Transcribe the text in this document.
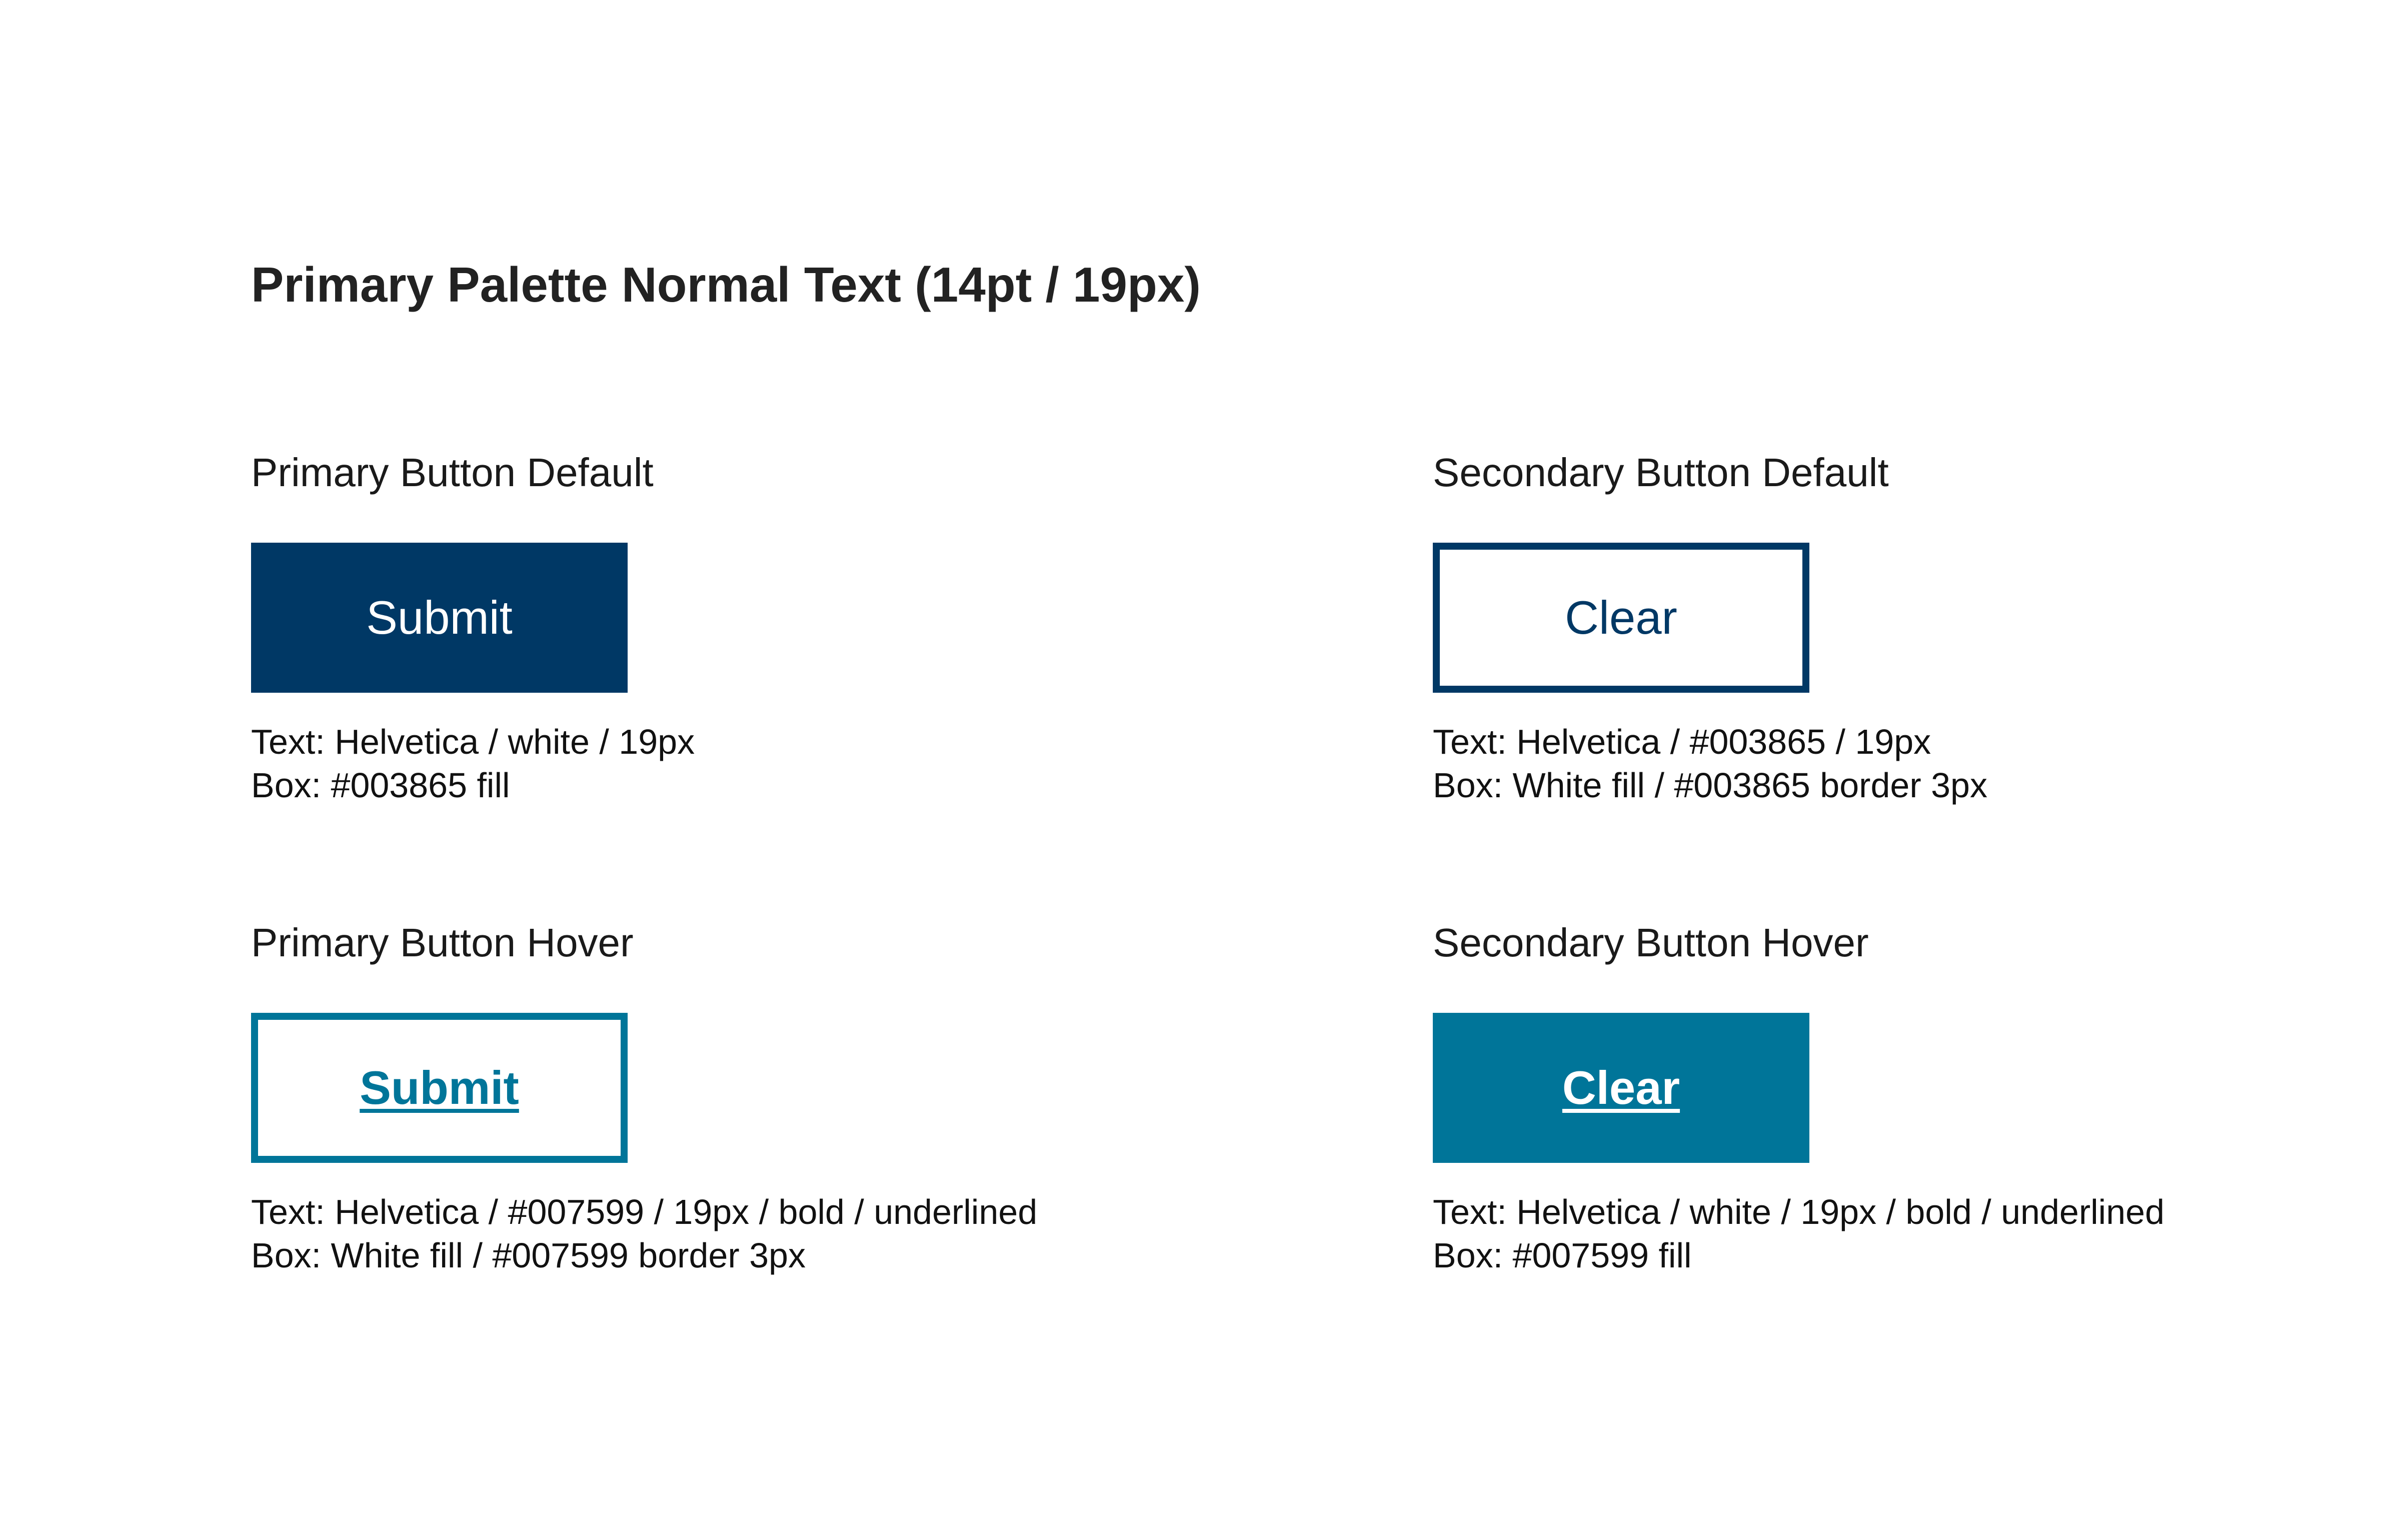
Primary Palette Normal Text (14pt / 19px)

Primary Button Default

Submit

Text: Helvetica / white / 19px
Box: #003865 fill

Secondary Button Default

Clear

Text: Helvetica / #003865 / 19px
Box: White fill / #003865 border 3px

Primary Button Hover

Submit

Text: Helvetica / #007599 / 19px / bold / underlined
Box: White fill / #007599 border 3px

Secondary Button Hover

Clear

Text: Helvetica / white / 19px / bold / underlined
Box: #007599 fill
